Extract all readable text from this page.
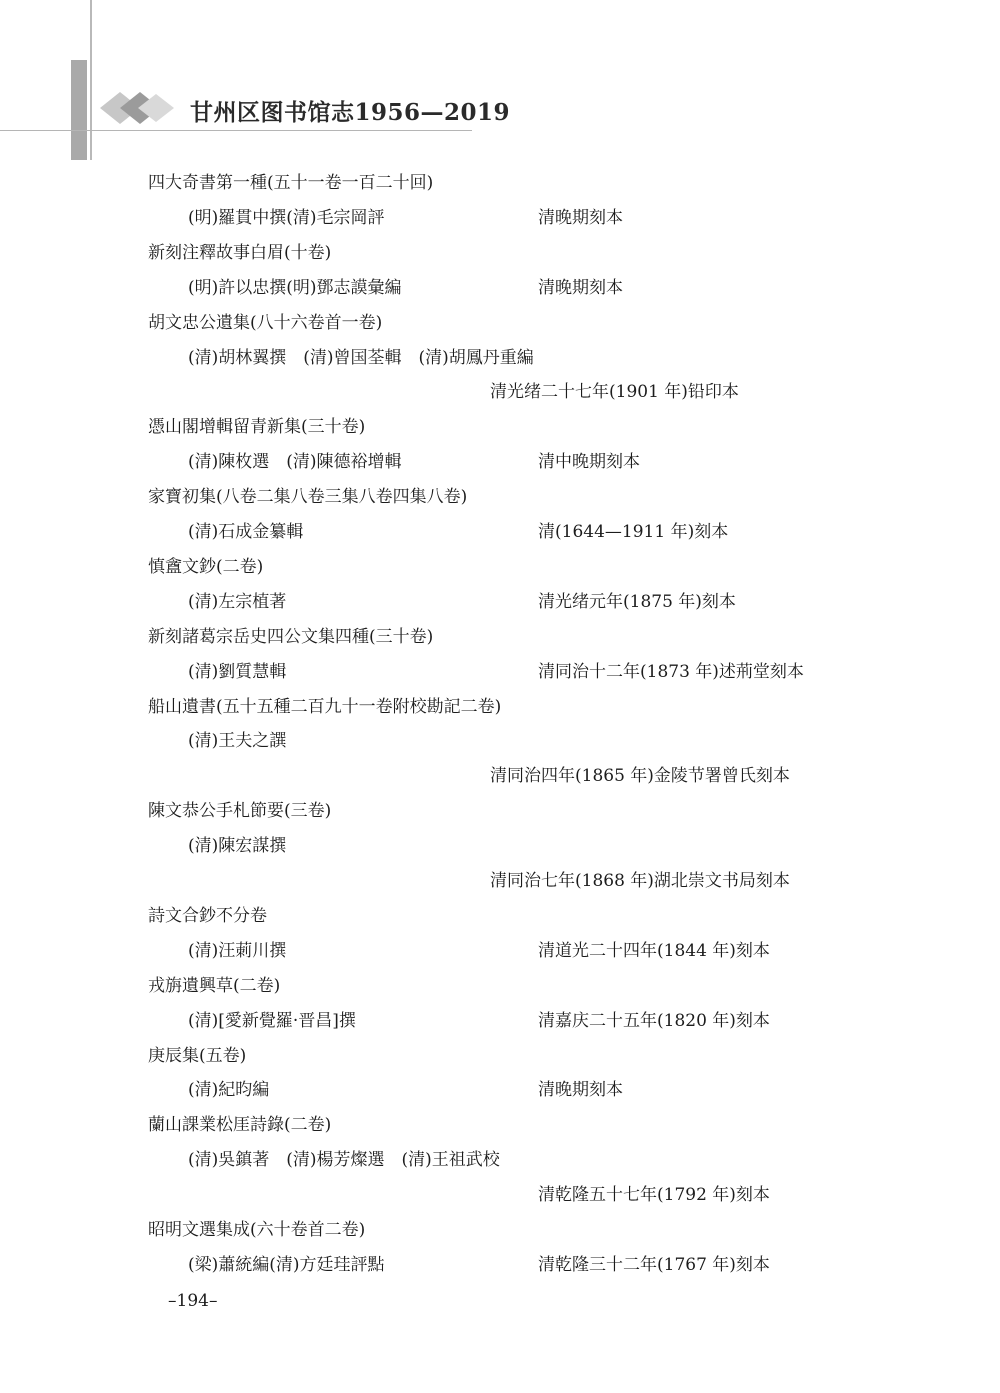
甘州区图书馆志1956—2019
四大奇書第一種(五十一卷一百二十回)
(明)羅貫中撰(清)毛宗岡評	清晚期刻本
新刻注釋故事白眉(十卷)
(明)許以忠撰(明)鄧志謨彙編	清晚期刻本
胡文忠公遺集(八十六卷首一卷)
(清)胡林翼撰　(清)曾国荃輯　(清)胡鳳丹重編
清光绪二十七年(1901 年)铅印本
憑山閣增輯留青新集(三十卷)
(清)陳枚選　(清)陳德裕增輯	清中晚期刻本
家寶初集(八卷二集八卷三集八卷四集八卷)
(清)石成金纂輯	清(1644—1911 年)刻本
慎盦文鈔(二卷)
(清)左宗植著	清光绪元年(1875 年)刻本
新刻諸葛宗岳史四公文集四種(三十卷)
(清)劉質慧輯	清同治十二年(1873 年)述荊堂刻本
船山遺書(五十五種二百九十一卷附校勘記二卷)
(清)王夫之譔
清同治四年(1865 年)金陵节署曾氏刻本
陳文恭公手札節要(三卷)
(清)陳宏謀撰
清同治七年(1868 年)湖北崇文书局刻本
詩文合鈔不分卷
(清)汪莿川撰	清道光二十四年(1844 年)刻本
戎旃遺興草(二卷)
(清)[愛新覺羅·晋昌]撰	清嘉庆二十五年(1820 年)刻本
庚辰集(五卷)
(清)紀昀編	清晚期刻本
蘭山課業松厓詩錄(二卷)
(清)吳鎮著　(清)楊芳燦選　(清)王祖武校
清乾隆五十七年(1792 年)刻本
昭明文選集成(六十卷首二卷)
(梁)蕭統編(清)方廷珪評點	清乾隆三十二年(1767 年)刻本
–194–
